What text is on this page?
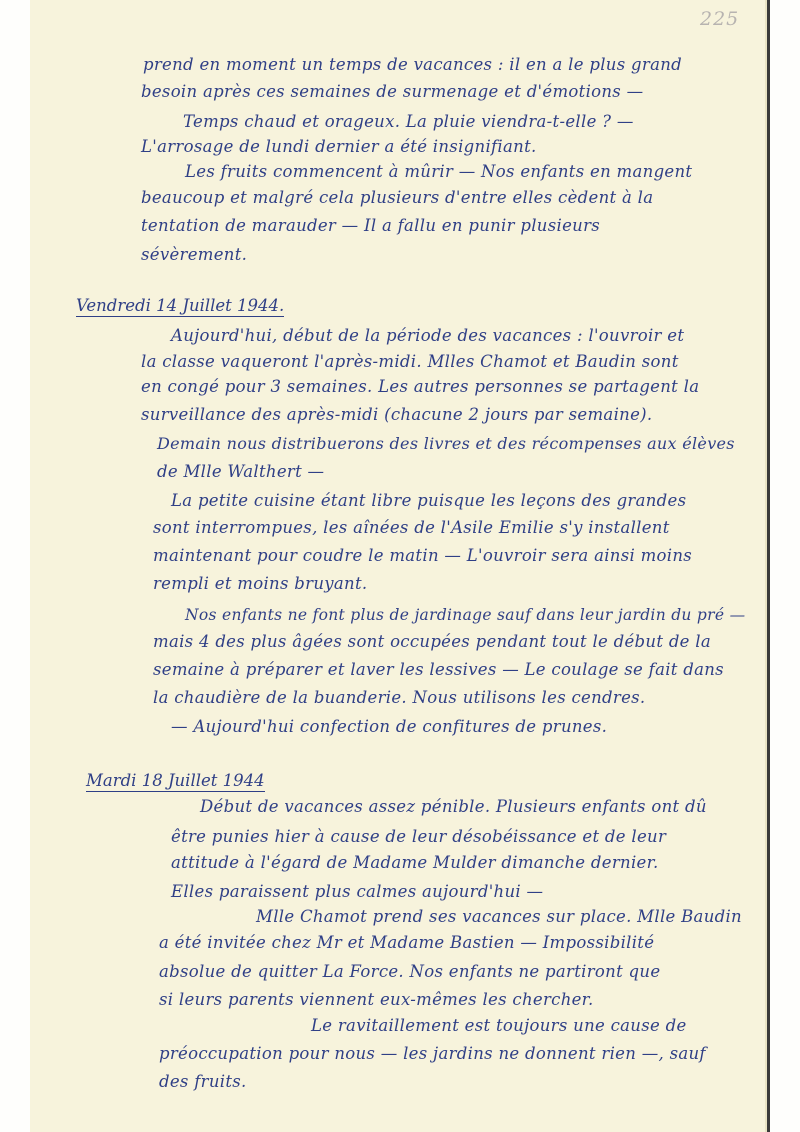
225
prend en moment un temps de vacances : il en a le plus grand
besoin après ces semaines de surmenage et d'émotions —
Temps chaud et orageux. La pluie viendra-t-elle ? —
L'arrosage de lundi dernier a été insignifiant.
Les fruits commencent à mûrir — Nos enfants en mangent
beaucoup et malgré cela plusieurs d'entre elles cèdent à la
tentation de marauder — Il a fallu en punir plusieurs
sévèrement.
Vendredi 14 Juillet 1944.
Aujourd'hui, début de la période des vacances : l'ouvroir et
la classe vaqueront l'après-midi. Mlles Chamot et Baudin sont
en congé pour 3 semaines. Les autres personnes se partagent la
surveillance des après-midi (chacune 2 jours par semaine).
Demain nous distribuerons des livres et des récompenses aux élèves
de Mlle Walthert —
La petite cuisine étant libre puisque les leçons des grandes
sont interrompues, les aînées de l'Asile Emilie s'y installent
maintenant pour coudre le matin — L'ouvroir sera ainsi moins
rempli et moins bruyant.
Nos enfants ne font plus de jardinage sauf dans leur jardin du pré —
mais 4 des plus âgées sont occupées pendant tout le début de la
semaine à préparer et laver les lessives — Le coulage se fait dans
la chaudière de la buanderie. Nous utilisons les cendres.
— Aujourd'hui confection de confitures de prunes.
Mardi 18 Juillet 1944
Début de vacances assez pénible. Plusieurs enfants ont dû
être punies hier à cause de leur désobéissance et de leur
attitude à l'égard de Madame Mulder dimanche dernier.
Elles paraissent plus calmes aujourd'hui —
Mlle Chamot prend ses vacances sur place. Mlle Baudin
a été invitée chez Mr et Madame Bastien — Impossibilité
absolue de quitter La Force. Nos enfants ne partiront que
si leurs parents viennent eux-mêmes les chercher.
Le ravitaillement est toujours une cause de
préoccupation pour nous — les jardins ne donnent rien —, sauf
des fruits.
